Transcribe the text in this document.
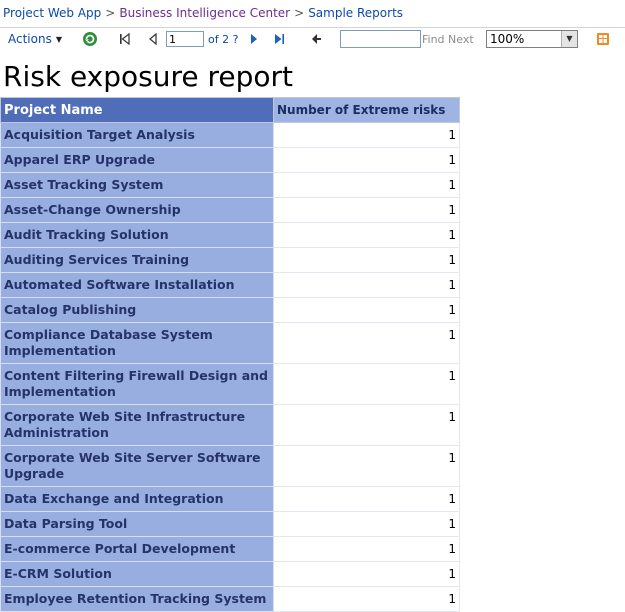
Project Web App > Business Intelligence Center > Sample Reports
Actions ▼
1	of 2 ?	Find Next 100%	▼
Risk exposure report
Project Name	Number of Extreme risks
Acquisition Target Analysis	1
Apparel ERP Upgrade	1
Asset Tracking System	1
Asset-Change Ownership	1
Audit Tracking Solution	1
Auditing Services Training	1
Automated Software Installation	1
Catalog Publishing	1
Compliance Database System Implementation	1
Content Filtering Firewall Design and Implementation	1
Corporate Web Site Infrastructure Administration	1
Corporate Web Site Server Software Upgrade	1
Data Exchange and Integration	1
Data Parsing Tool	1
E-commerce Portal Development	1
E-CRM Solution	1
Employee Retention Tracking System	1
